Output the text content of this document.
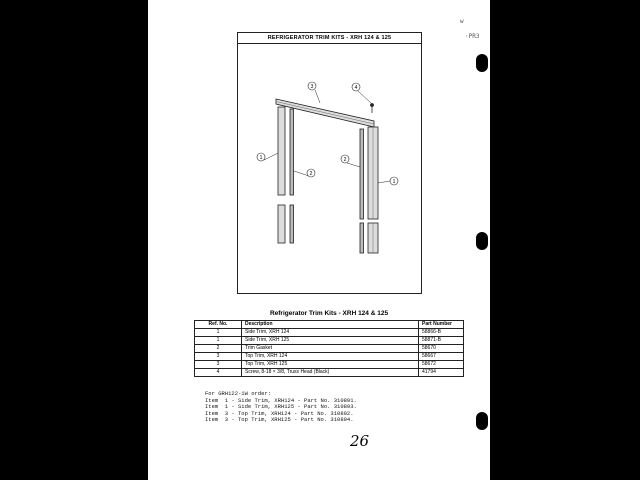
·PR3
w
REFRIGERATOR TRIM KITS - XRH 124 & 125
3	4
1
2
2
1
Refrigerator Trim Kits - XRH 124 & 125
Ref. No.	Description	Part Number
1	Side Trim, XRH 124	58866-B
1	Side Trim, XRH 125	58871-B
2	Trim Gasket	58670
3	Top Trim, XRH 124	58667
3	Top Trim, XRH 125	58672
4	Screw, 8-18 × 3/8, Truss Head (Black)	41794
For GRH122-1W order:
Item  1 - Side Trim, XRH124 - Part No. 310891.
Item  1 - Side Trim, XRH125 - Part No. 310893.
Item  3 - Top Trim, XRH124 - Part No. 310892.
Item  3 - Top Trim, XRH125 - Part No. 310894.
26
